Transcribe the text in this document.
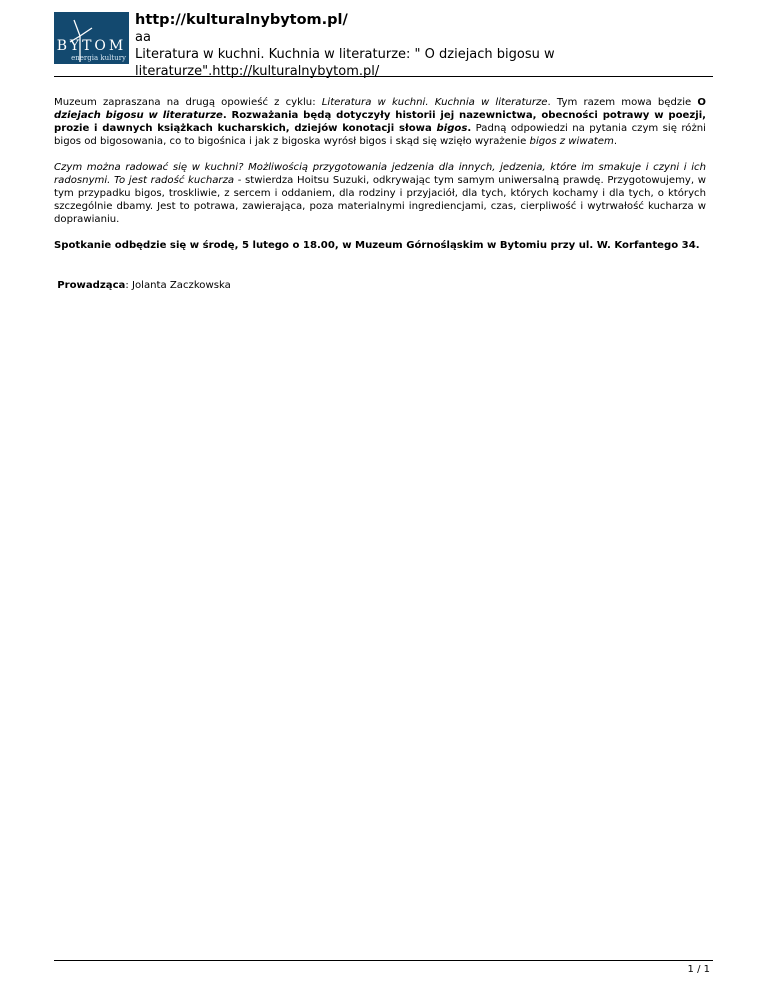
BYTOM
energia kultury
http://kulturalnybytom.pl/
aa
Literatura w kuchni. Kuchnia w literaturze: " O dziejach bigosu w
literaturze".http://kulturalnybytom.pl/

Muzeum zapraszana na drugą opowieść z cyklu: Literatura w kuchni. Kuchnia w literaturze. Tym razem mowa będzie O dziejach bigosu w literaturze. Rozważania będą dotyczyły historii jej nazewnictwa, obecności potrawy w poezji, prozie i dawnych książkach kucharskich, dziejów konotacji słowa bigos. Padną odpowiedzi na pytania czym się różni bigos od bigosowania, co to bigośnica i jak z bigoska wyrósł bigos i skąd się wzięło wyrażenie bigos z wiwatem.

Czym można radować się w kuchni? Możliwością przygotowania jedzenia dla innych, jedzenia, które im smakuje i czyni i ich radosnymi. To jest radość kucharza - stwierdza Hoitsu Suzuki, odkrywając tym samym uniwersalną prawdę. Przygotowujemy, w tym przypadku bigos, troskliwie, z sercem i oddaniem, dla rodziny i przyjaciół, dla tych, których kochamy i dla tych, o których szczególnie dbamy. Jest to potrawa, zawierająca, poza materialnymi ingrediencjami, czas, cierpliwość i wytrwałość kucharza w doprawianiu.

Spotkanie odbędzie się w środę, 5 lutego o 18.00, w Muzeum Górnośląskim w Bytomiu przy ul. W. Korfantego 34.

Prowadząca: Jolanta Zaczkowska

1 / 1
